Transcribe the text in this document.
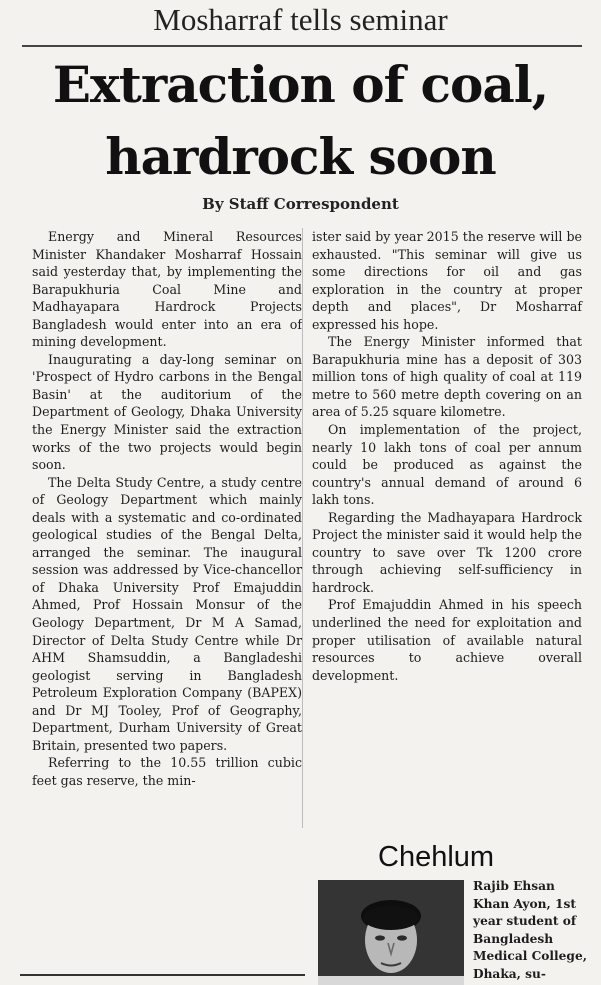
Mosharraf tells seminar
Extraction of coal,
hardrock soon
By Staff Correspondent

Energy and Mineral Resources Minister Khandaker Mosharraf Hossain said yesterday that, by implementing the Barapukhuria Coal Mine and Madhayapara Hardrock Projects Bangladesh would enter into an era of mining development.

Inaugurating a day-long seminar on 'Prospect of Hydro carbons in the Bengal Basin' at the auditorium of the Department of Geology, Dhaka University the Energy Minister said the extraction works of the two projects would begin soon.

The Delta Study Centre, a study centre of Geology Department which mainly deals with a systematic and co-ordinated geological studies of the Bengal Delta, arranged the seminar. The inaugural session was addressed by Vice-chancellor of Dhaka University Prof Emajuddin Ahmed, Prof Hossain Monsur of the Geology Department, Dr M A Samad, Director of Delta Study Centre while Dr AHM Shamsuddin, a Bangladeshi geologist serving in Bangladesh Petroleum Exploration Company (BAPEX) and Dr MJ Tooley, Prof of Geography, Department, Durham University of Great Britain, presented two papers.

Referring to the 10.55 trillion cubic feet gas reserve, the min-

ister said by year 2015 the reserve will be exhausted. "This seminar will give us some directions for oil and gas exploration in the country at proper depth and places", Dr Mosharraf expressed his hope.

The Energy Minister informed that Barapukhuria mine has a deposit of 303 million tons of high quality of coal at 119 metre to 560 metre depth covering on an area of 5.25 square kilometre.

On implementation of the project, nearly 10 lakh tons of coal per annum could be produced as against the country's annual demand of around 6 lakh tons.

Regarding the Madhayapara Hardrock Project the minister said it would help the country to save over Tk 1200 crore through achieving self-sufficiency in hardrock.

Prof Emajuddin Ahmed in his speech underlined the need for exploitation and proper utilisation of available natural resources to achieve overall development.

Chehlum

Rajib Ehsan Khan Ayon, 1st year student of Bangladesh Medical College, Dhaka, su-
